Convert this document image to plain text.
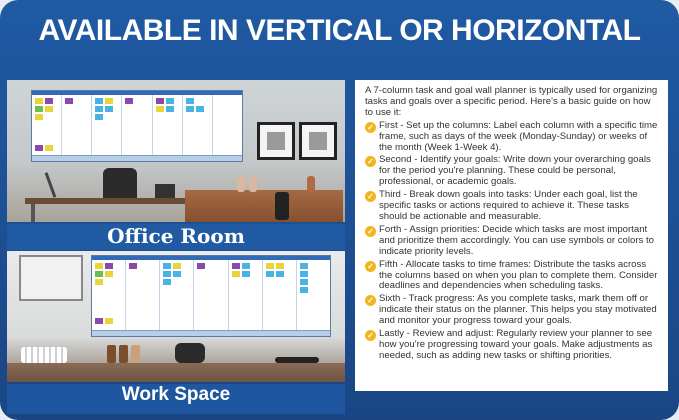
AVAILABLE IN VERTICAL OR HORIZONTAL
Office Room
Work Space

A 7-column task and goal wall planner is typically used for organizing tasks and goals over a specific period. Here's a basic guide on how to use it:

✓ First - Set up the columns: Label each column with a specific time frame, such as days of the week (Monday-Sunday) or weeks of the month (Week 1-Week 4).
✓ Second - Identify your goals: Write down your overarching goals for the period you're planning. These could be personal, professional, or academic goals.
✓ Third - Break down goals into tasks: Under each goal, list the specific tasks or actions required to achieve it. These tasks should be actionable and measurable.
✓ Forth - Assign priorities: Decide which tasks are most important and prioritize them accordingly. You can use symbols or colors to indicate priority levels.
✓ Fifth - Allocate tasks to time frames: Distribute the tasks across the columns based on when you plan to complete them. Consider deadlines and dependencies when scheduling tasks.
✓ Sixth - Track progress: As you complete tasks, mark them off or indicate their status on the planner. This helps you stay motivated and monitor your progress toward your goals.
✓ Lastly - Review and adjust: Regularly review your planner to see how you're progressing toward your goals. Make adjustments as needed, such as adding new tasks or shifting priorities.
